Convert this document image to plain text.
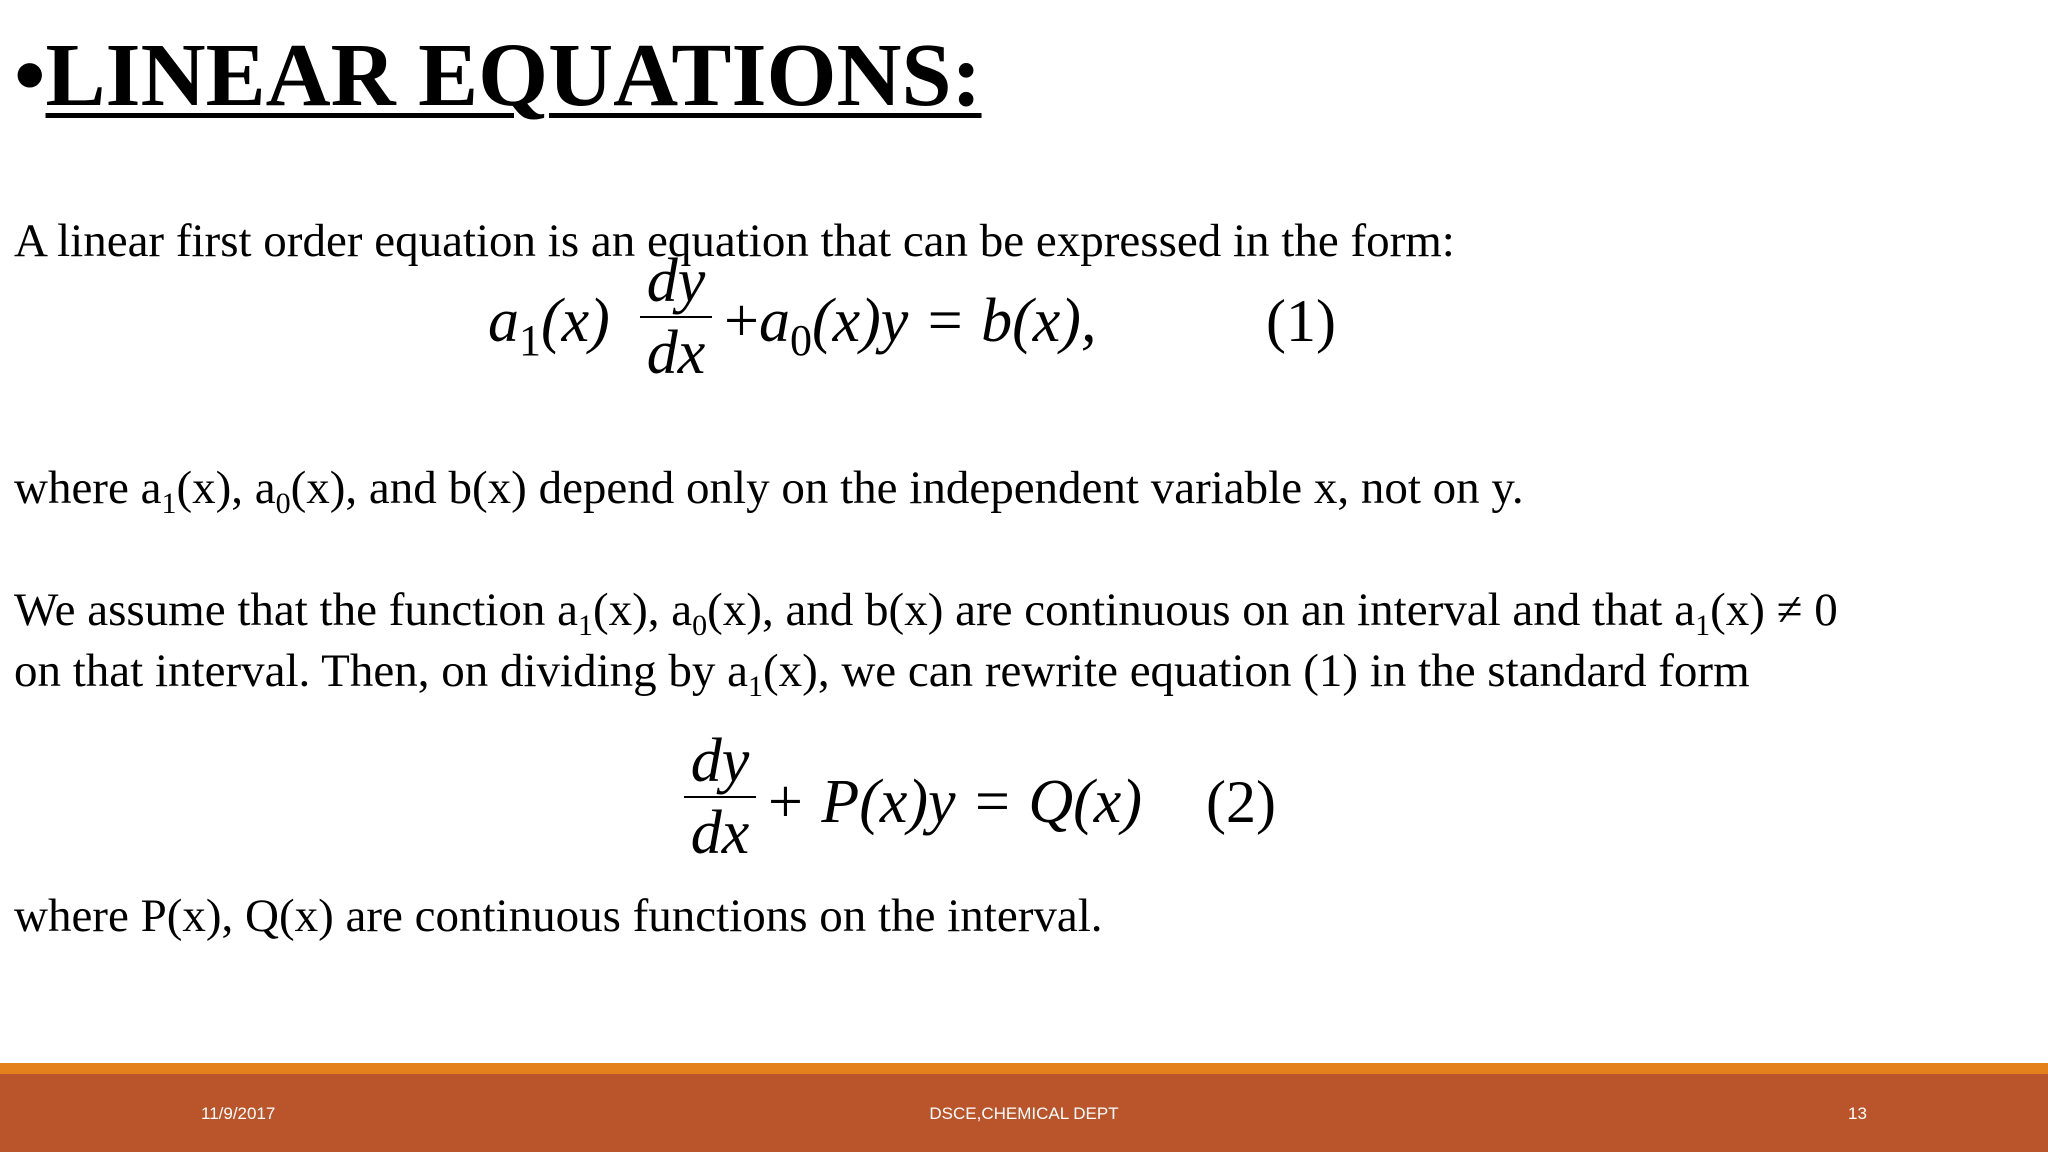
•LINEAR EQUATIONS:
A linear first order equation is an equation that can be expressed in the form:
$a_1(x)$
dy
dx $+a_0(x)y = b(x)$,	(1)
where $a_1(x)$, $a_0(x)$, and b(x) depend only on the independent variable x, not on y.
We assume that the function $a_1(x)$, $a_0(x)$, and b(x) are continuous on an interval and that $a_1(x) \ne 0$
on that interval. Then, on dividing by $a_1(x)$, we can rewrite equation (1) in the standard form
dy
dx + P(x)y = Q(x) (2)
where P(x), Q(x) are continuous functions on the interval.
11/9/2017	DSCE,CHEMICAL DEPT	13
